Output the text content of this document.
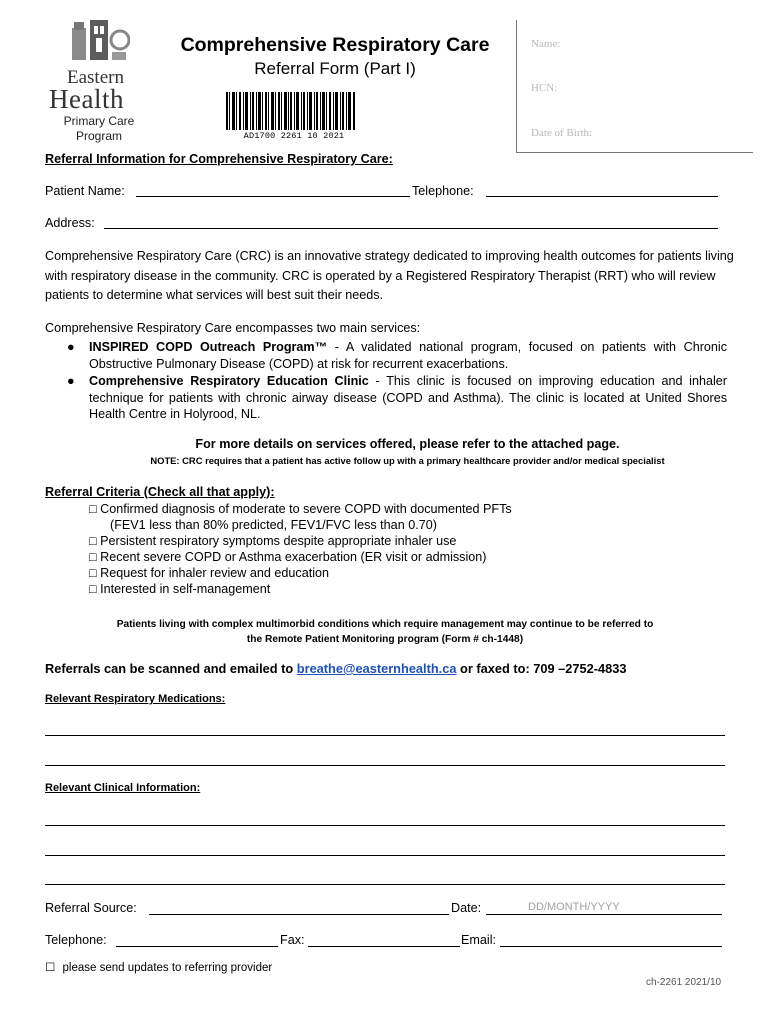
Eastern
Health
Primary Care
Program
Comprehensive Respiratory Care
Referral Form (Part I)
AD1700 2261 10 2021
Name:
HCN:
Date of Birth:
Referral Information for Comprehensive Respiratory Care:
Patient Name:	Telephone:
Address:
Comprehensive Respiratory Care (CRC) is an innovative strategy dedicated to improving health outcomes for patients living with respiratory disease in the community. CRC is operated by a Registered Respiratory Therapist (RRT) who will review patients to determine what services will best suit their needs.
Comprehensive Respiratory Care encompasses two main services:
● INSPIRED COPD Outreach Program™ - A validated national program, focused on patients with Chronic Obstructive Pulmonary Disease (COPD) at risk for recurrent exacerbations.
● Comprehensive Respiratory Education Clinic - This clinic is focused on improving education and inhaler technique for patients with chronic airway disease (COPD and Asthma). The clinic is located at United Shores Health Centre in Holyrood, NL.
For more details on services offered, please refer to the attached page.
NOTE: CRC requires that a patient has active follow up with a primary healthcare provider and/or medical specialist
Referral Criteria (Check all that apply):
□ Confirmed diagnosis of moderate to severe COPD with documented PFTs
(FEV1 less than 80% predicted, FEV1/FVC less than 0.70)
□ Persistent respiratory symptoms despite appropriate inhaler use
□ Recent severe COPD or Asthma exacerbation (ER visit or admission)
□ Request for inhaler review and education
□ Interested in self-management
Patients living with complex multimorbid conditions which require management may continue to be referred to
the Remote Patient Monitoring program (Form # ch-1448)
Referrals can be scanned and emailed to breathe@easternhealth.ca or faxed to: 709 –2752-4833
Relevant Respiratory Medications:
Relevant Clinical Information:
Referral Source:	Date:	DD/MONTH/YYYY
Telephone:	Fax:	Email:
☐ please send updates to referring provider
ch-2261 2021/10
